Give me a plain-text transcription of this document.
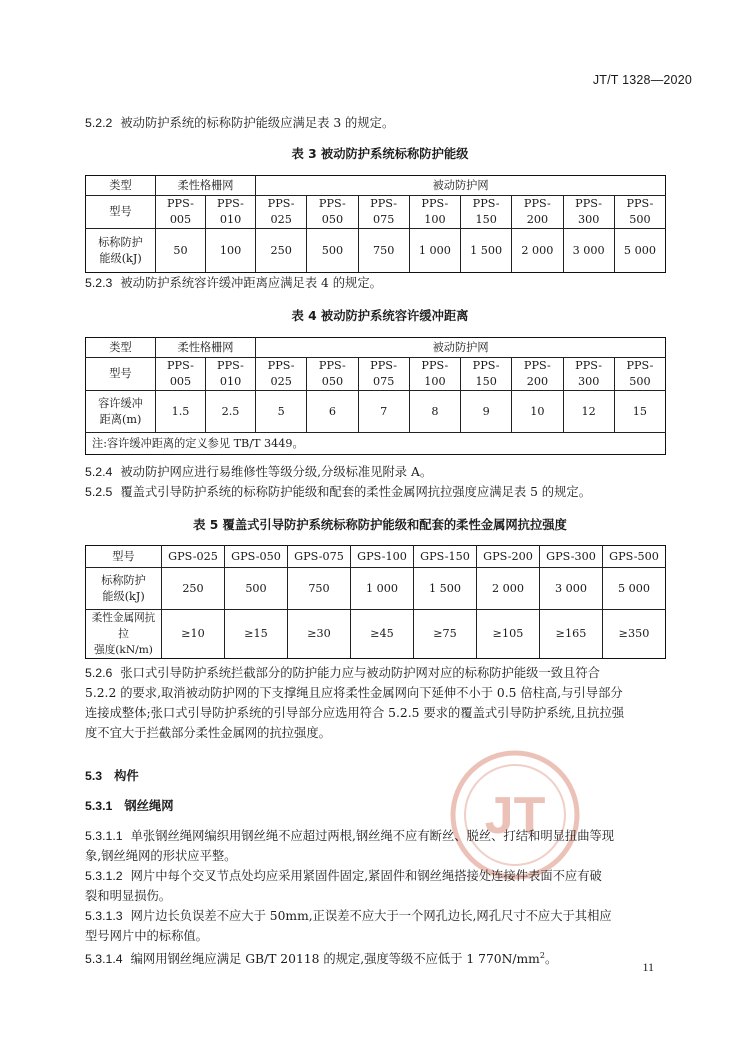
JT/T 1328—2020
5.2.2 被动防护系统的标称防护能级应满足表 3 的规定。
表 3 被动防护系统标称防护能级
类型	柔性格栅网		被动防护网							
型号	PPS-005	PPS-010	PPS-025	PPS-050	PPS-075	PPS-100	PPS-150	PPS-200	PPS-300	PPS-500
标称防护
能级(kJ)	50	100	250	500	750	1 000	1 500	2 000	3 000	5 000
5.2.3 被动防护系统容许缓冲距离应满足表 4 的规定。
表 4 被动防护系统容许缓冲距离
类型	柔性格栅网		被动防护网							
型号	PPS-005	PPS-010	PPS-025	PPS-050	PPS-075	PPS-100	PPS-150	PPS-200	PPS-300	PPS-500
容许缓冲
距离(m)	1.5	2.5	5	6	7	8	9	10	12	15
注:容许缓冲距离的定义参见 TB/T 3449。										
5.2.4 被动防护网应进行易维修性等级分级,分级标准见附录 A。
5.2.5 覆盖式引导防护系统的标称防护能级和配套的柔性金属网抗拉强度应满足表 5 的规定。
表 5 覆盖式引导防护系统标称防护能级和配套的柔性金属网抗拉强度
型号	GPS-025	GPS-050	GPS-075	GPS-100	GPS-150	GPS-200	GPS-300	GPS-500
标称防护
能级(kJ)	250	500	750	1 000	1 500	2 000	3 000	5 000
柔性金属网抗拉
强度(kN/m)	≥10	≥15	≥30	≥45	≥75	≥105	≥165	≥350
5.2.6 张口式引导防护系统拦截部分的防护能力应与被动防护网对应的标称防护能级一致且符合
5.2.2 的要求,取消被动防护网的下支撑绳且应将柔性金属网向下延伸不小于 0.5 倍柱高,与引导部分
连接成整体;张口式引导防护系统的引导部分应选用符合 5.2.5 要求的覆盖式引导防护系统,且抗拉强
度不宜大于拦截部分柔性金属网的抗拉强度。
JT
5.3 构件
5.3.1 钢丝绳网
5.3.1.1 单张钢丝绳网编织用钢丝绳不应超过两根,钢丝绳不应有断丝、脱丝、打结和明显扭曲等现
象,钢丝绳网的形状应平整。
5.3.1.2 网片中每个交叉节点处均应采用紧固件固定,紧固件和钢丝绳搭接处连接件表面不应有破
裂和明显损伤。
5.3.1.3 网片边长负误差不应大于 50mm,正误差不应大于一个网孔边长,网孔尺寸不应大于其相应
型号网片中的标称值。
5.3.1.4 编网用钢丝绳应满足 GB/T 20118 的规定,强度等级不应低于 1 $770N/mm^2$。
11
